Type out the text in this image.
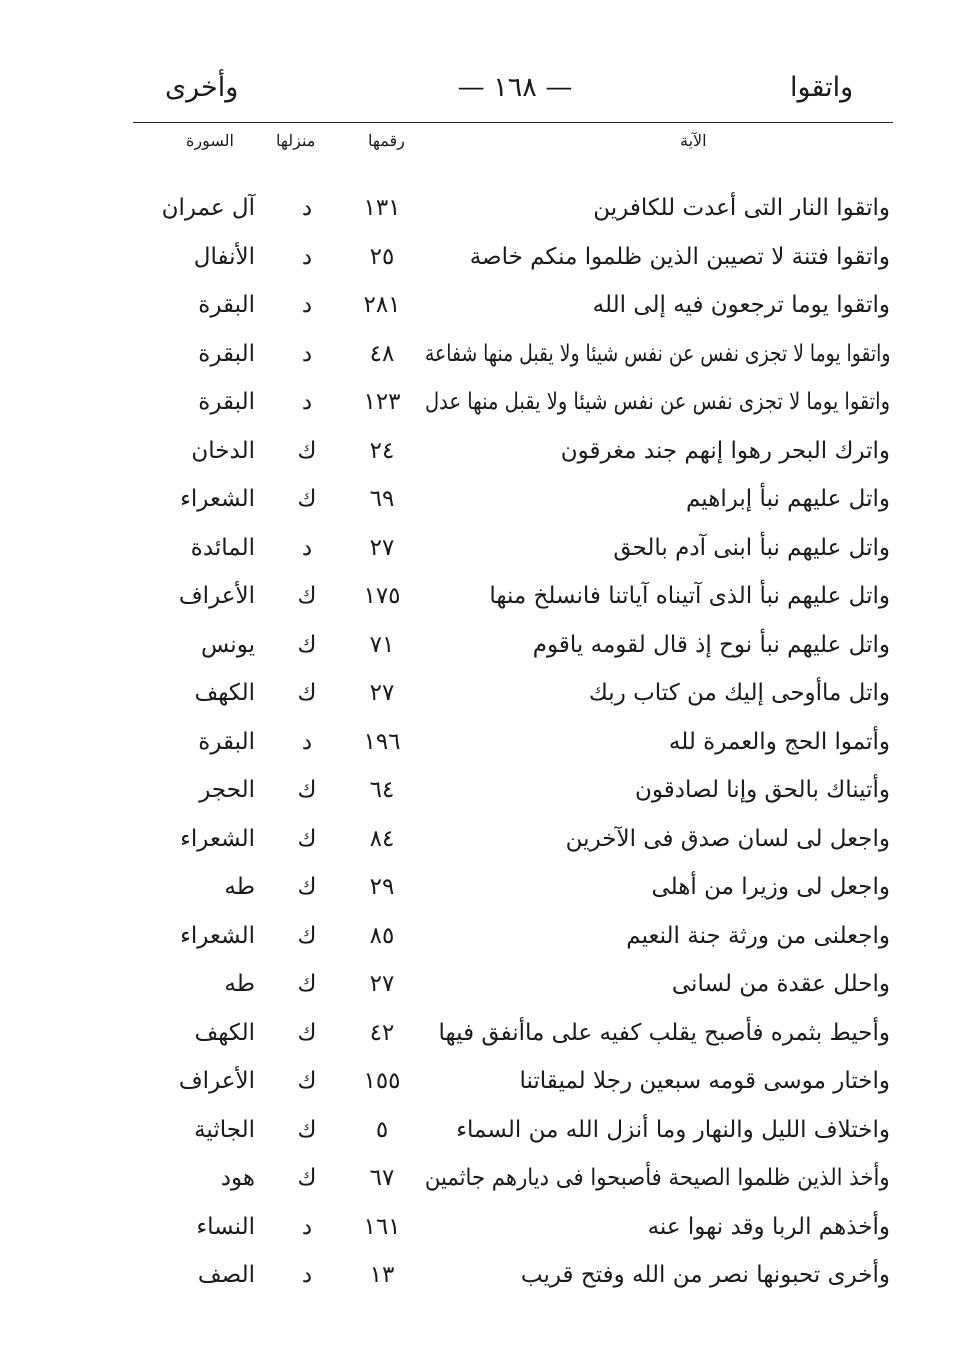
واتقوا
— ١٦٨ —
وأخرى
الآية
رقمها
منزلها
السورة
واتقوا النار التى أعدت للكافرين
١٣١
د
آل عمران
واتقوا فتنة لا تصيبن الذين ظلموا منكم خاصة
٢٥
د
الأنفال
واتقوا يوما ترجعون فيه إلى الله
٢٨١
د
البقرة
واتقوا يوما لا تجزى نفس عن نفس شيئا ولا يقبل منها شفاعة
٤٨
د
البقرة
واتقوا يوما لا تجزى نفس عن نفس شيئا ولا يقبل منها عدل
١٢٣
د
البقرة
واترك البحر رهوا إنهم جند مغرقون
٢٤
ك
الدخان
واتل عليهم نبأ إبراهيم
٦٩
ك
الشعراء
واتل عليهم نبأ ابنى آدم بالحق
٢٧
د
المائدة
واتل عليهم نبأ الذى آتيناه آياتنا فانسلخ منها
١٧٥
ك
الأعراف
واتل عليهم نبأ نوح إذ قال لقومه ياقوم
٧١
ك
يونس
واتل ماأوحى إليك من كتاب ربك
٢٧
ك
الكهف
وأتموا الحج والعمرة لله
١٩٦
د
البقرة
وأتيناك بالحق وإنا لصادقون
٦٤
ك
الحجر
واجعل لى لسان صدق فى الآخرين
٨٤
ك
الشعراء
واجعل لى وزيرا من أهلى
٢٩
ك
طه
واجعلنى من ورثة جنة النعيم
٨٥
ك
الشعراء
واحلل عقدة من لسانى
٢٧
ك
طه
وأحيط بثمره فأصبح يقلب كفيه على ماأنفق فيها
٤٢
ك
الكهف
واختار موسى قومه سبعين رجلا لميقاتنا
١٥٥
ك
الأعراف
واختلاف الليل والنهار وما أنزل الله من السماء
٥
ك
الجاثية
وأخذ الذين ظلموا الصيحة فأصبحوا فى ديارهم جاثمين
٦٧
ك
هود
وأخذهم الربا وقد نهوا عنه
١٦١
د
النساء
وأخرى تحبونها نصر من الله وفتح قريب
١٣
د
الصف
